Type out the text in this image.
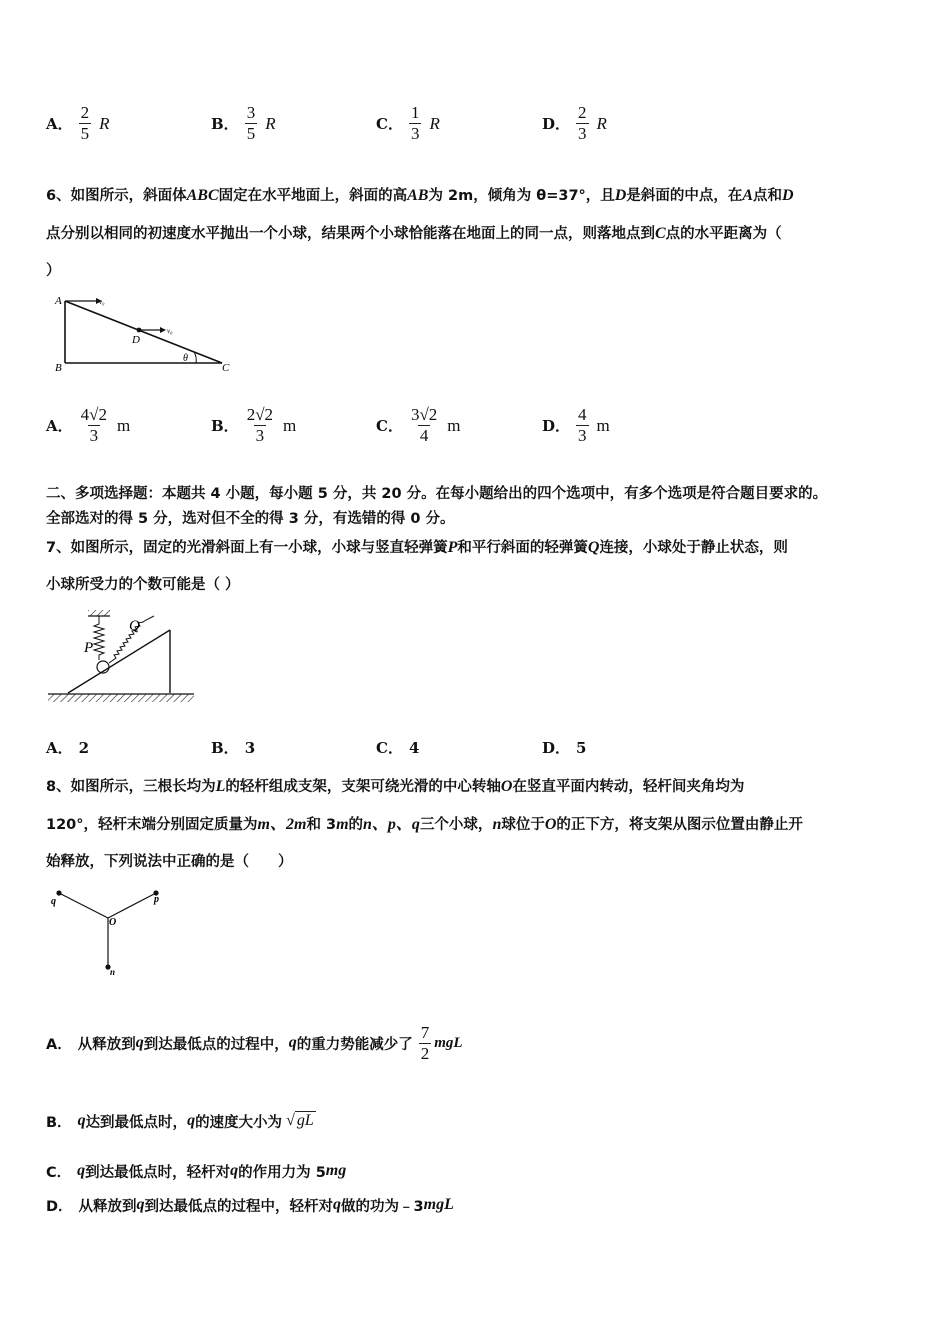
A． $\frac{2}{5}$ R	B． $\frac{3}{5}$ R	C． $\frac{1}{3}$ R	D． $\frac{2}{3}$ R
6、如图所示，斜面体ABC固定在水平地面上，斜面的高AB为 2m，倾角为 θ=37°，且D是斜面的中点，在A点和D
点分别以相同的初速度水平抛出一个小球，结果两个小球恰能落在地面上的同一点，则落地点到C点的水平距离为（
）
A
B	C
D
θ
v₀
v₀
A． $\frac{4√2}{3}$ m	B． $\frac{2√2}{3}$ m	C． $\frac{3√2}{4}$ m	D． $\frac{4}{3}$ m
二、多项选择题：本题共 4 小题，每小题 5 分，共 20 分。在每小题给出的四个选项中，有多个选项是符合题目要求的。
全部选对的得 5 分，选对但不全的得 3 分，有选错的得 0 分。
7、如图所示，固定的光滑斜面上有一小球，小球与竖直轻弹簧P和平行斜面的轻弹簧Q连接，小球处于静止状态，则
小球所受力的个数可能是（ ）
P
Q
A． 2	B． 3	C． 4	D． 5
8、如图所示，三根长均为L的轻杆组成支架，支架可绕光滑的中心转轴O在竖直平面内转动，轻杆间夹角均为
120°，轻杆末端分别固定质量为m、2m和 3m的n、p、q三个小球，n球位于O的正下方，将支架从图示位置由静止开
始释放，下列说法中正确的是（　　）
q	p
O
n
A． 从释放到 q 到达最低点的过程中， q 的重力势能减少了 $\frac{7}{2}$ mgL
B． q 达到最低点时， q 的速度大小为 √ gL
C． q 到达最低点时，轻杆对 q 的作用力为 5 mg
D． 从释放到 q 到达最低点的过程中，轻杆对 q 做的功为﹣3 mgL
